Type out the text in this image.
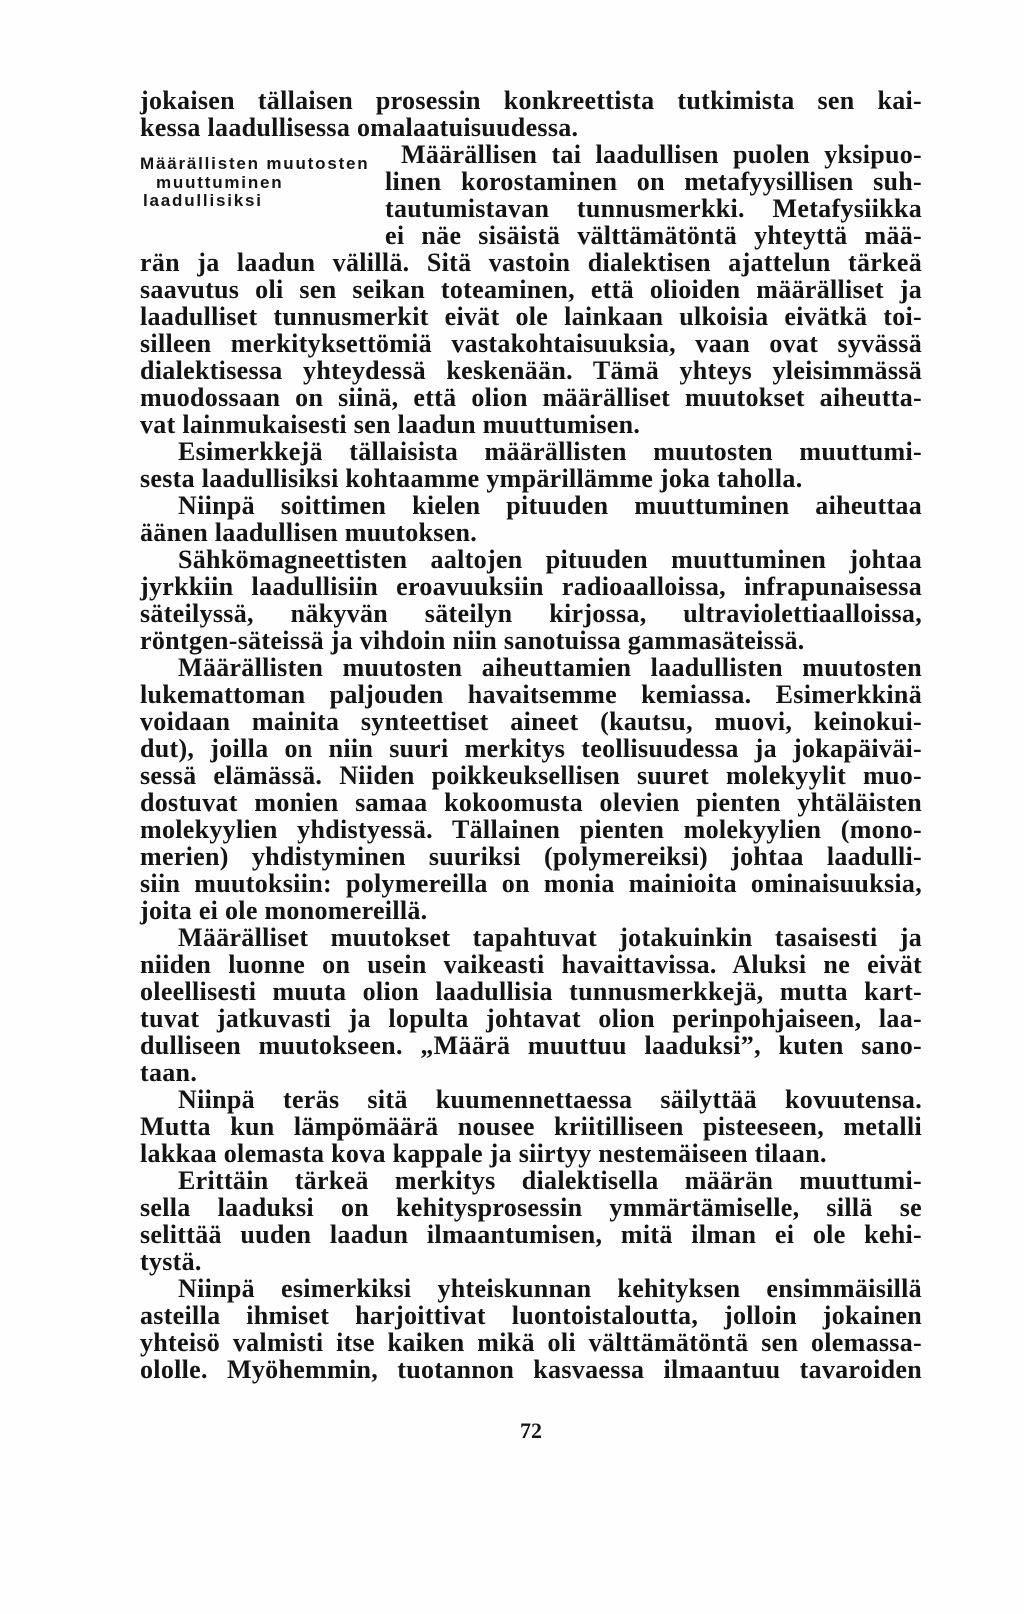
Määrällisten muutosten
muuttuminen
laadullisiksi
jokaisen tällaisen prosessin konkreettista tutkimista sen kai-
kessa laadullisessa omalaatuisuudessa.
Määrällisen tai laadullisen puolen yksipuo-
linen korostaminen on metafyysillisen suh-
tautumistavan tunnusmerkki. Metafysiikka
ei näe sisäistä välttämätöntä yhteyttä mää-
rän ja laadun välillä. Sitä vastoin dialektisen ajattelun tärkeä
saavutus oli sen seikan toteaminen, että olioiden määrälliset ja
laadulliset tunnusmerkit eivät ole lainkaan ulkoisia eivätkä toi-
silleen merkityksettömiä vastakohtaisuuksia, vaan ovat syvässä
dialektisessa yhteydessä keskenään. Tämä yhteys yleisimmässä
muodossaan on siinä, että olion määrälliset muutokset aiheutta-
vat lainmukaisesti sen laadun muuttumisen.
Esimerkkejä tällaisista määrällisten muutosten muuttumi-
sesta laadullisiksi kohtaamme ympärillämme joka taholla.
Niinpä soittimen kielen pituuden muuttuminen aiheuttaa
äänen laadullisen muutoksen.
Sähkömagneettisten aaltojen pituuden muuttuminen johtaa
jyrkkiin laadullisiin eroavuuksiin radioaalloissa, infrapunaisessa
säteilyssä, näkyvän säteilyn kirjossa, ultraviolettiaalloissa,
röntgen-säteissä ja vihdoin niin sanotuissa gammasäteissä.
Määrällisten muutosten aiheuttamien laadullisten muutosten
lukemattoman paljouden havaitsemme kemiassa. Esimerkkinä
voidaan mainita synteettiset aineet (kautsu, muovi, keinokui-
dut), joilla on niin suuri merkitys teollisuudessa ja jokapäiväi-
sessä elämässä. Niiden poikkeuksellisen suuret molekyylit muo-
dostuvat monien samaa kokoomusta olevien pienten yhtäläisten
molekyylien yhdistyessä. Tällainen pienten molekyylien (mono-
merien) yhdistyminen suuriksi (polymereiksi) johtaa laadulli-
siin muutoksiin: polymereilla on monia mainioita ominaisuuksia,
joita ei ole monomereillä.
Määrälliset muutokset tapahtuvat jotakuinkin tasaisesti ja
niiden luonne on usein vaikeasti havaittavissa. Aluksi ne eivät
oleellisesti muuta olion laadullisia tunnusmerkkejä, mutta kart-
tuvat jatkuvasti ja lopulta johtavat olion perinpohjaiseen, laa-
dulliseen muutokseen. „Määrä muuttuu laaduksi”, kuten sano-
taan.
Niinpä teräs sitä kuumennettaessa säilyttää kovuutensa.
Mutta kun lämpömäärä nousee kriitilliseen pisteeseen, metalli
lakkaa olemasta kova kappale ja siirtyy nestemäiseen tilaan.
Erittäin tärkeä merkitys dialektisella määrän muuttumi-
sella laaduksi on kehitysprosessin ymmärtämiselle, sillä se
selittää uuden laadun ilmaantumisen, mitä ilman ei ole kehi-
tystä.
Niinpä esimerkiksi yhteiskunnan kehityksen ensimmäisillä
asteilla ihmiset harjoittivat luontoistaloutta, jolloin jokainen
yhteisö valmisti itse kaiken mikä oli välttämätöntä sen olemassa-
ololle. Myöhemmin, tuotannon kasvaessa ilmaantuu tavaroiden
72
